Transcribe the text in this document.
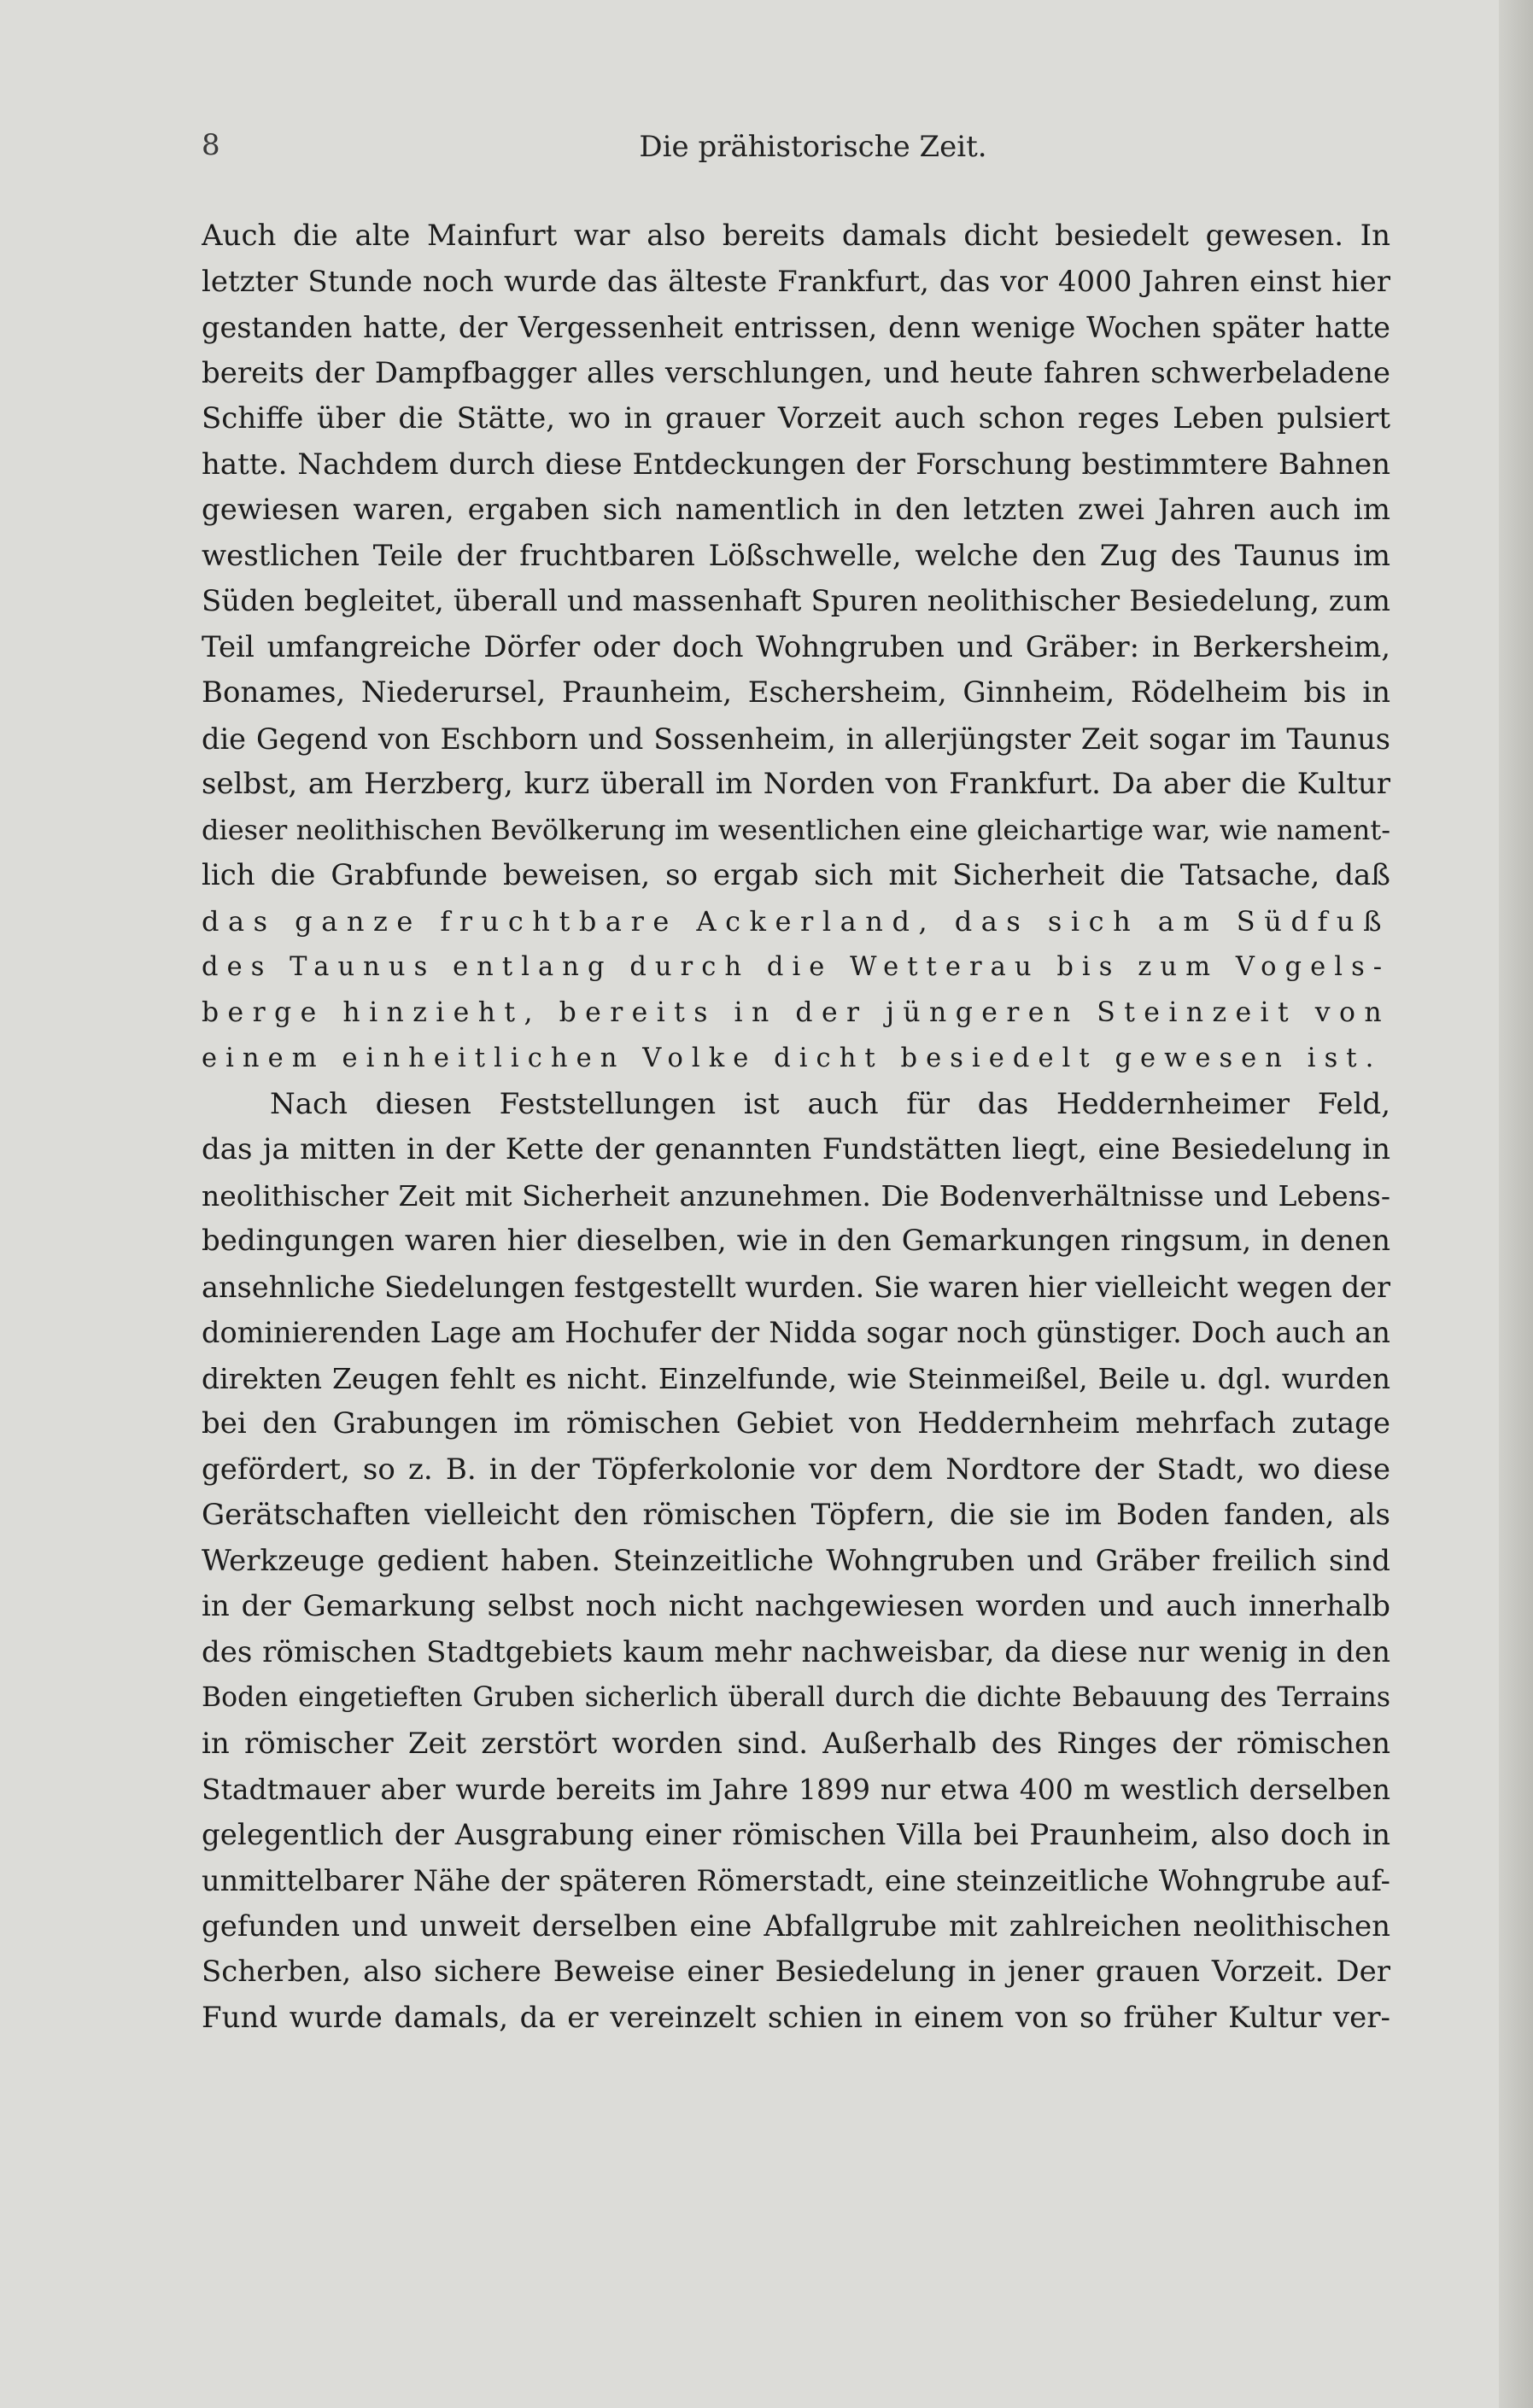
8	Die prähistorische Zeit.
Auch die alte Mainfurt war also bereits damals dicht besiedelt gewesen. In
letzter Stunde noch wurde das älteste Frankfurt, das vor 4000 Jahren einst hier
gestanden hatte, der Vergessenheit entrissen, denn wenige Wochen später hatte
bereits der Dampfbagger alles verschlungen, und heute fahren schwerbeladene
Schiffe über die Stätte, wo in grauer Vorzeit auch schon reges Leben pulsiert
hatte. Nachdem durch diese Entdeckungen der Forschung bestimmtere Bahnen
gewiesen waren, ergaben sich namentlich in den letzten zwei Jahren auch im
westlichen Teile der fruchtbaren Lößschwelle, welche den Zug des Taunus im
Süden begleitet, überall und massenhaft Spuren neolithischer Besiedelung, zum
Teil umfangreiche Dörfer oder doch Wohngruben und Gräber: in Berkersheim,
Bonames, Niederursel, Praunheim, Eschersheim, Ginnheim, Rödelheim bis in
die Gegend von Eschborn und Sossenheim, in allerjüngster Zeit sogar im Taunus
selbst, am Herzberg, kurz überall im Norden von Frankfurt. Da aber die Kultur
dieser neolithischen Bevölkerung im wesentlichen eine gleichartige war, wie nament-
lich die Grabfunde beweisen, so ergab sich mit Sicherheit die Tatsache, daß
das ganze fruchtbare Ackerland, das sich am Südfuß
des Taunus entlang durch die Wetterau bis zum Vogels-
berge hinzieht, bereits in der jüngeren Steinzeit von
einem einheitlichen Volke dicht besiedelt gewesen ist.
Nach diesen Feststellungen ist auch für das Heddernheimer Feld,
das ja mitten in der Kette der genannten Fundstätten liegt, eine Besiedelung in
neolithischer Zeit mit Sicherheit anzunehmen. Die Bodenverhältnisse und Lebens-
bedingungen waren hier dieselben, wie in den Gemarkungen ringsum, in denen
ansehnliche Siedelungen festgestellt wurden. Sie waren hier vielleicht wegen der
dominierenden Lage am Hochufer der Nidda sogar noch günstiger. Doch auch an
direkten Zeugen fehlt es nicht. Einzelfunde, wie Steinmeißel, Beile u. dgl. wurden
bei den Grabungen im römischen Gebiet von Heddernheim mehrfach zutage
gefördert, so z. B. in der Töpferkolonie vor dem Nordtore der Stadt, wo diese
Gerätschaften vielleicht den römischen Töpfern, die sie im Boden fanden, als
Werkzeuge gedient haben. Steinzeitliche Wohngruben und Gräber freilich sind
in der Gemarkung selbst noch nicht nachgewiesen worden und auch innerhalb
des römischen Stadtgebiets kaum mehr nachweisbar, da diese nur wenig in den
Boden eingetieften Gruben sicherlich überall durch die dichte Bebauung des Terrains
in römischer Zeit zerstört worden sind. Außerhalb des Ringes der römischen
Stadtmauer aber wurde bereits im Jahre 1899 nur etwa 400 m westlich derselben
gelegentlich der Ausgrabung einer römischen Villa bei Praunheim, also doch in
unmittelbarer Nähe der späteren Römerstadt, eine steinzeitliche Wohngrube auf-
gefunden und unweit derselben eine Abfallgrube mit zahlreichen neolithischen
Scherben, also sichere Beweise einer Besiedelung in jener grauen Vorzeit. Der
Fund wurde damals, da er vereinzelt schien in einem von so früher Kultur ver-
